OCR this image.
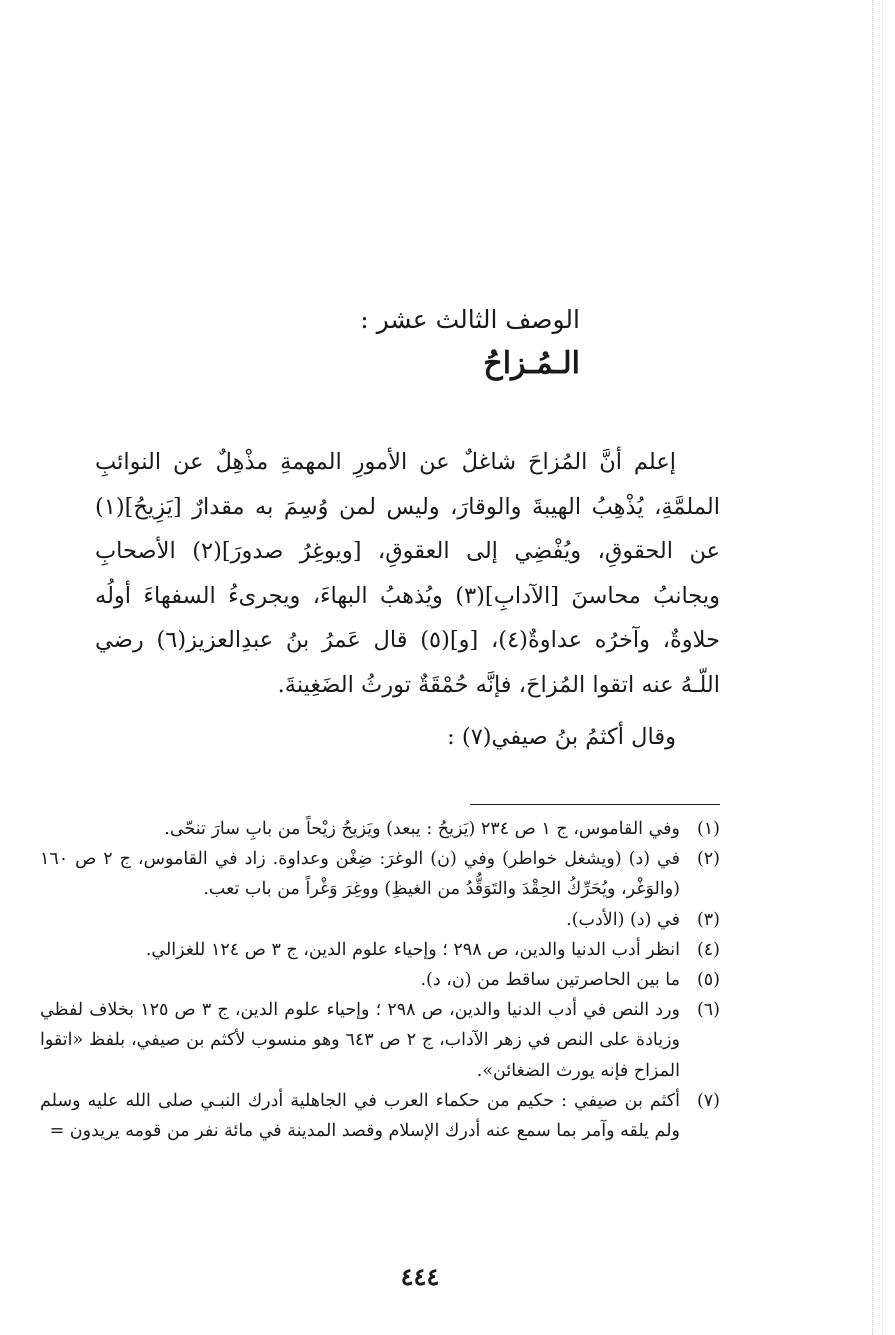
الوصف الثالث عشر :

الـمُـزاحُ

إعلم أنَّ المُزاحَ شاغلٌ عن الأمورِ المهمةِ مذْهِلٌ عن النوائبِ الملمَّةِ، يُذْهِبُ الهيبةَ والوقارَ، وليس لمن وُسِمَ به مقدارٌ [يَزِيحُ](١) عن الحقوقِ، ويُفْضِي إلى العقوقِ، [ويوغِرُ صدورَ](٢) الأصحابِ ويجانبُ محاسنَ [الآدابِ](٣) ويُذهبُ البهاءَ، ويجرىءُ السفهاءَ أولُه حلاوةٌ، وآخرُه عداوةٌ(٤)، [و](٥) قال عَمرُ بنُ عبدِالعزيز(٦) رضي اللّـهُ عنه اتقوا المُزاحَ، فإنَّه حُمْقَةٌ تورثُ الضَغِينةَ.

وقال أكثمُ بنُ صيفي(٧) :

(١)
وفي القاموس، ج ١ ص ٢٣٤ (يَزيحُ : يبعد) ويَزيحُ زيْحاً من بابِ سارَ تنحّى.

(٢)
في (د) (ويشغل خواطر) وفي (ن) الوغرَ: ضِغْن وعداوة. زاد في القاموس، ج ٢ ص ١٦٠ (والوَغْر، ويُحَرِّكُ الحِقْدَ والتَوَقُّدُ من الغيظِ) ووغِرَ وَغْراً من باب تعب.

(٣)
في (د) (الأدب).

(٤)
انظر أدب الدنيا والدين، ص ٢٩٨ ؛ وإحياء علوم الدين، ج ٣ ص ١٢٤ للغزالي.

(٥)
ما بين الحاصرتين ساقط من (ن، د).

(٦)
ورد النص في أدب الدنيا والدين، ص ٢٩٨ ؛ وإحياء علوم الدين، ج ٣ ص ١٢٥ بخلاف لفظي وزيادة على النص في زهر الآداب، ج ٢ ص ٦٤٣ وهو منسوب لأكثم بن صيفي، بلفظ «اتقوا المزاح فإنه يورث الضغائن».

(٧)
أكثم بن صيفي : حكيم من حكماء العرب في الجاهلية أدرك النبـي صلى الله عليه وسلم ولم يلقه وآمر بما سمع عنه أدرك الإسلام وقصد المدينة في مائة نفر من قومه يريدون =

٤٤٤
